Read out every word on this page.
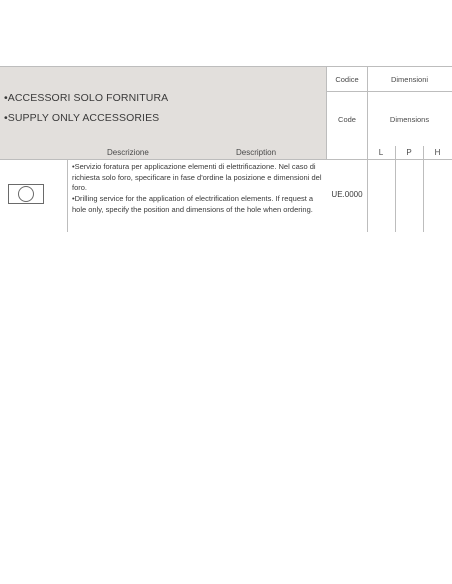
•ACCESSORI SOLO FORNITURA
•SUPPLY ONLY ACCESSORIES
Codice	Dimensioni
Code	Dimensions
Descrizione	Description	L	P	H
•Servizio foratura per applicazione elementi di elettrificazione. Nel caso di richiesta solo foro, specificare in fase d'ordine la posizione e dimensioni del foro.
•Drilling service for the application of electrification elements. If request a hole only, specify the position and dimensions of the hole when ordering.
UE.0000
